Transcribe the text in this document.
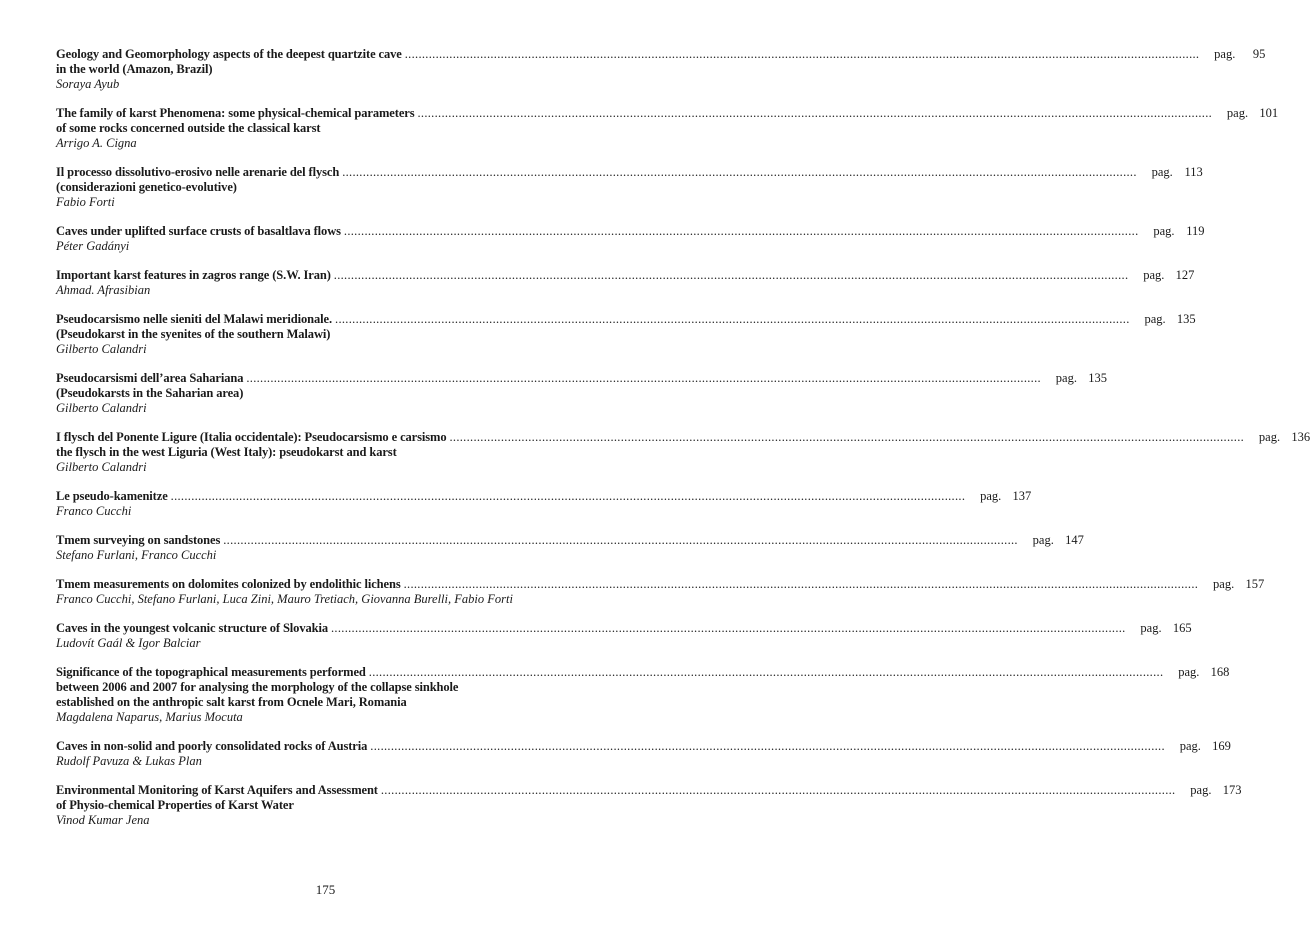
Geology and Geomorphology aspects of the deepest quartzite cave .....	pag.	95
in the world (Amazon, Brazil)
Soraya Ayub
The family of karst Phenomena: some physical-chemical parameters .....	pag. 101
of some rocks concerned outside the classical karst
Arrigo A. Cigna
Il processo dissolutivo-erosivo nelle arenarie del flysch .....	pag. 113
(considerazioni genetico-evolutive)
Fabio Forti
Caves under uplifted surface crusts of basaltlava flows .....	pag. 119
Péter Gadányi
Important karst features in zagros range (S.W. Iran) .....	pag. 127
Ahmad. Afrasibian
Pseudocarsismo nelle sieniti del Malawi meridionale. .....	pag. 135
(Pseudokarst in the syenites of the southern Malawi)
Gilberto Calandri
Pseudocarsismi dell’area Sahariana .....	pag. 135
(Pseudokarsts in the Saharian area)
Gilberto Calandri
I flysch del Ponente Ligure (Italia occidentale): Pseudocarsismo e carsismo .....	pag. 136
the flysch in the west Liguria (West Italy): pseudokarst and karst
Gilberto Calandri
Le pseudo-kamenitze .....	pag. 137
Franco Cucchi
Tmem surveying on sandstones .....	pag. 147
Stefano Furlani, Franco Cucchi
Tmem measurements on dolomites colonized by endolithic lichens .....	pag. 157
Franco Cucchi, Stefano Furlani, Luca Zini, Mauro Tretiach, Giovanna Burelli, Fabio Forti
Caves in the youngest volcanic structure of Slovakia .....	pag. 165
Ludovít Gaál & Igor Balciar
Significance of the topographical measurements performed .....	pag. 168
between 2006 and 2007 for analysing the morphology of the collapse sinkhole
established on the anthropic salt karst from Ocnele Mari, Romania
Magdalena Naparus, Marius Mocuta
Caves in non-solid and poorly consolidated rocks of Austria .....	pag. 169
Rudolf Pavuza & Lukas Plan
Environmental Monitoring of Karst Aquifers and Assessment .....	pag. 173
of Physio-chemical Properties of Karst Water
Vinod Kumar Jena
175
